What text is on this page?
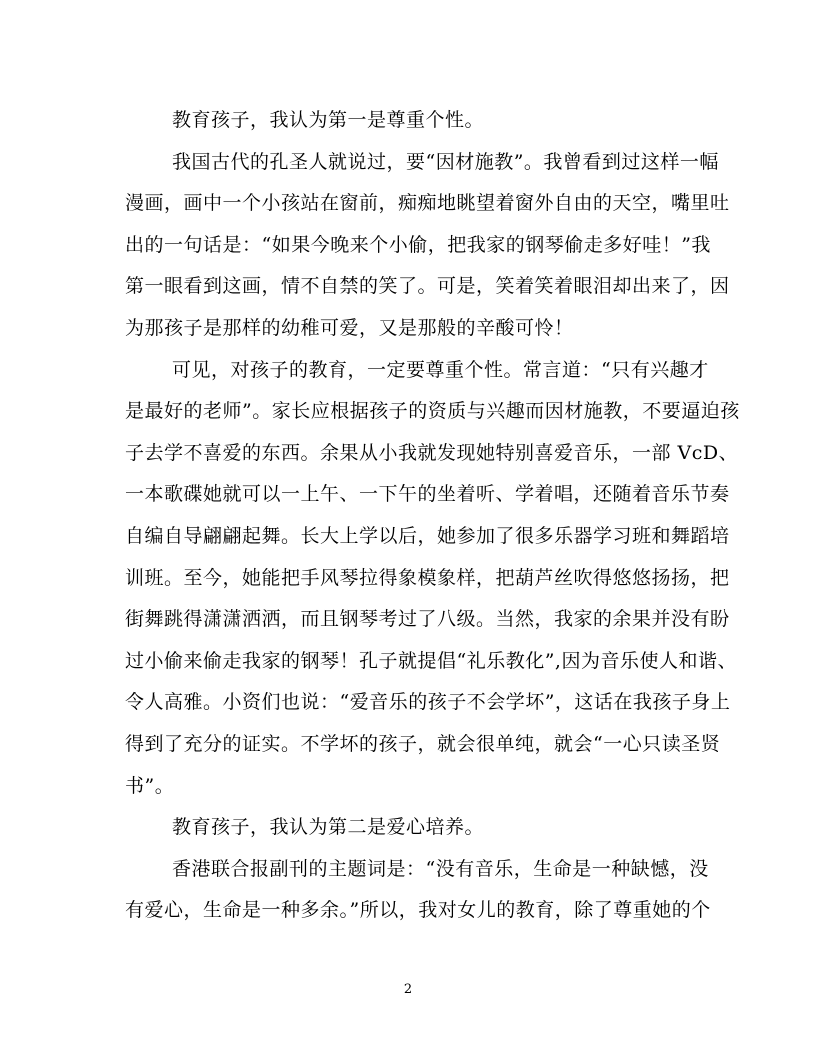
教育孩子，我认为第一是尊重个性。
我国古代的孔圣人就说过，要“因材施教”。我曾看到过这样一幅
漫画，画中一个小孩站在窗前，痴痴地眺望着窗外自由的天空，嘴里吐
出的一句话是：“如果今晚来个小偷，把我家的钢琴偷走多好哇！”我
第一眼看到这画，情不自禁的笑了。可是，笑着笑着眼泪却出来了，因
为那孩子是那样的幼稚可爱，又是那般的辛酸可怜！
可见，对孩子的教育，一定要尊重个性。常言道：“只有兴趣才
是最好的老师”。家长应根据孩子的资质与兴趣而因材施教，不要逼迫孩
子去学不喜爱的东西。余果从小我就发现她特别喜爱音乐，一部 VcD、
一本歌碟她就可以一上午、一下午的坐着听、学着唱，还随着音乐节奏
自编自导翩翩起舞。长大上学以后，她参加了很多乐器学习班和舞蹈培
训班。至今，她能把手风琴拉得象模象样，把葫芦丝吹得悠悠扬扬，把
街舞跳得潇潇洒洒，而且钢琴考过了八级。当然，我家的余果并没有盼
过小偷来偷走我家的钢琴！孔子就提倡“礼乐教化”,因为音乐使人和谐、
令人高雅。小资们也说：“爱音乐的孩子不会学坏”，这话在我孩子身上
得到了充分的证实。不学坏的孩子，就会很单纯，就会“一心只读圣贤
书”。
教育孩子，我认为第二是爱心培养。
香港联合报副刊的主题词是：“没有音乐，生命是一种缺憾，没
有爱心，生命是一种多余。”所以，我对女儿的教育，除了尊重她的个
2
